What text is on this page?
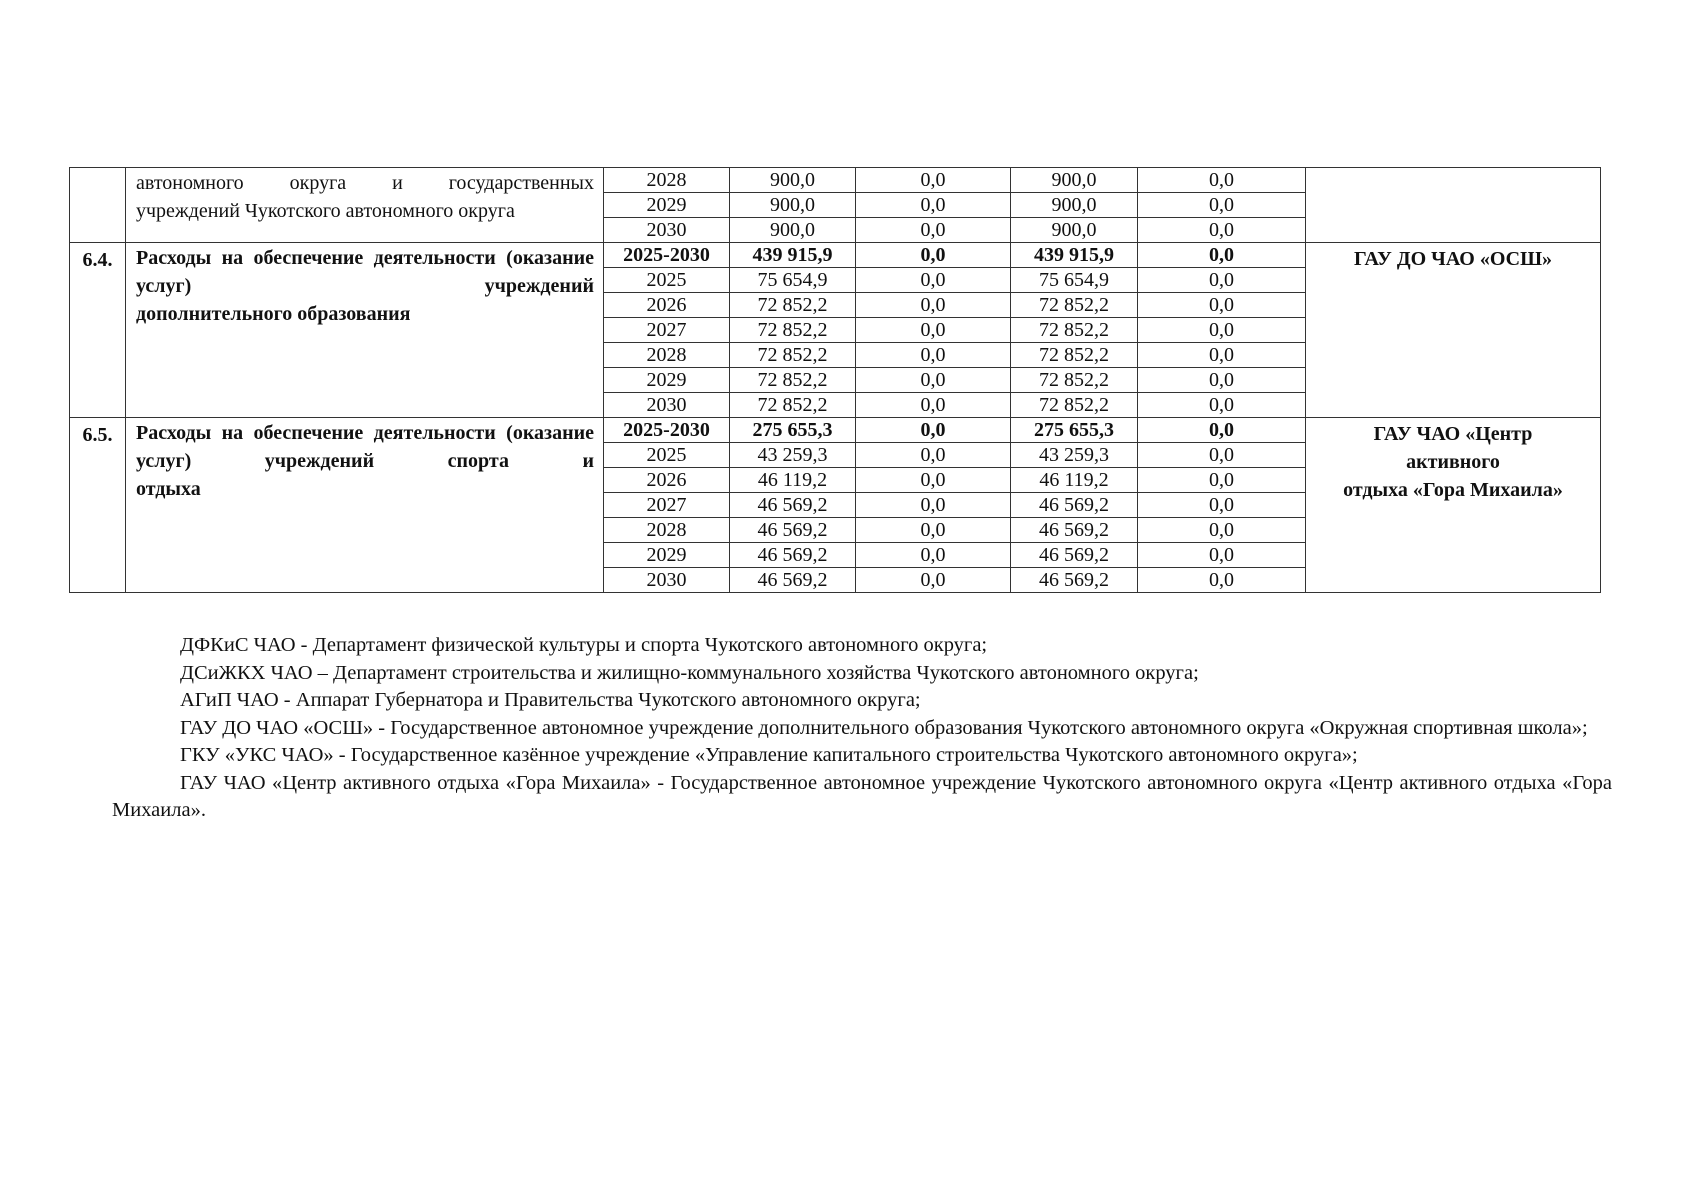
	автономного округа и государственных
учреждений Чукотского автономного округа	2028	900,0	0,0	900,0	0,0	
		2029	900,0	0,0	900,0	0,0	
		2030	900,0	0,0	900,0	0,0	
6.4.	Расходы на обеспечение деятельности (оказание услуг) учреждений
дополнительного образования	2025-2030	439 915,9	0,0	439 915,9	0,0	ГАУ ДО ЧАО «ОСШ»

		2025	75 654,9	0,0	75 654,9	0,0	
		2026	72 852,2	0,0	72 852,2	0,0	
		2027	72 852,2	0,0	72 852,2	0,0	
		2028	72 852,2	0,0	72 852,2	0,0	
		2029	72 852,2	0,0	72 852,2	0,0	
		2030	72 852,2	0,0	72 852,2	0,0	
6.5.	Расходы на обеспечение деятельности (оказание услуг) учреждений спорта и
отдыха	2025-2030	275 655,3	0,0	275 655,3	0,0	ГАУ ЧАО «Центр
активного
отдыха «Гора Михаила»

		2025	43 259,3	0,0	43 259,3	0,0	
		2026	46 119,2	0,0	46 119,2	0,0	
		2027	46 569,2	0,0	46 569,2	0,0	
		2028	46 569,2	0,0	46 569,2	0,0	
		2029	46 569,2	0,0	46 569,2	0,0	
		2030	46 569,2	0,0	46 569,2	0,0	

ДФКиС ЧАО - Департамент физической культуры и спорта Чукотского автономного округа;

ДСиЖКХ ЧАО – Департамент строительства и жилищно-коммунального хозяйства Чукотского автономного округа;

АГиП ЧАО - Аппарат Губернатора и Правительства Чукотского автономного округа;

ГАУ ДО ЧАО «ОСШ» - Государственное автономное учреждение дополнительного образования Чукотского автономного округа «Окружная спортивная школа»;

ГКУ «УКС ЧАО» - Государственное казённое учреждение «Управление капитального строительства Чукотского автономного округа»;

ГАУ ЧАО «Центр активного отдыха «Гора Михаила» - Государственное автономное учреждение Чукотского автономного округа «Центр активного отдыха «Гора Михаила».
